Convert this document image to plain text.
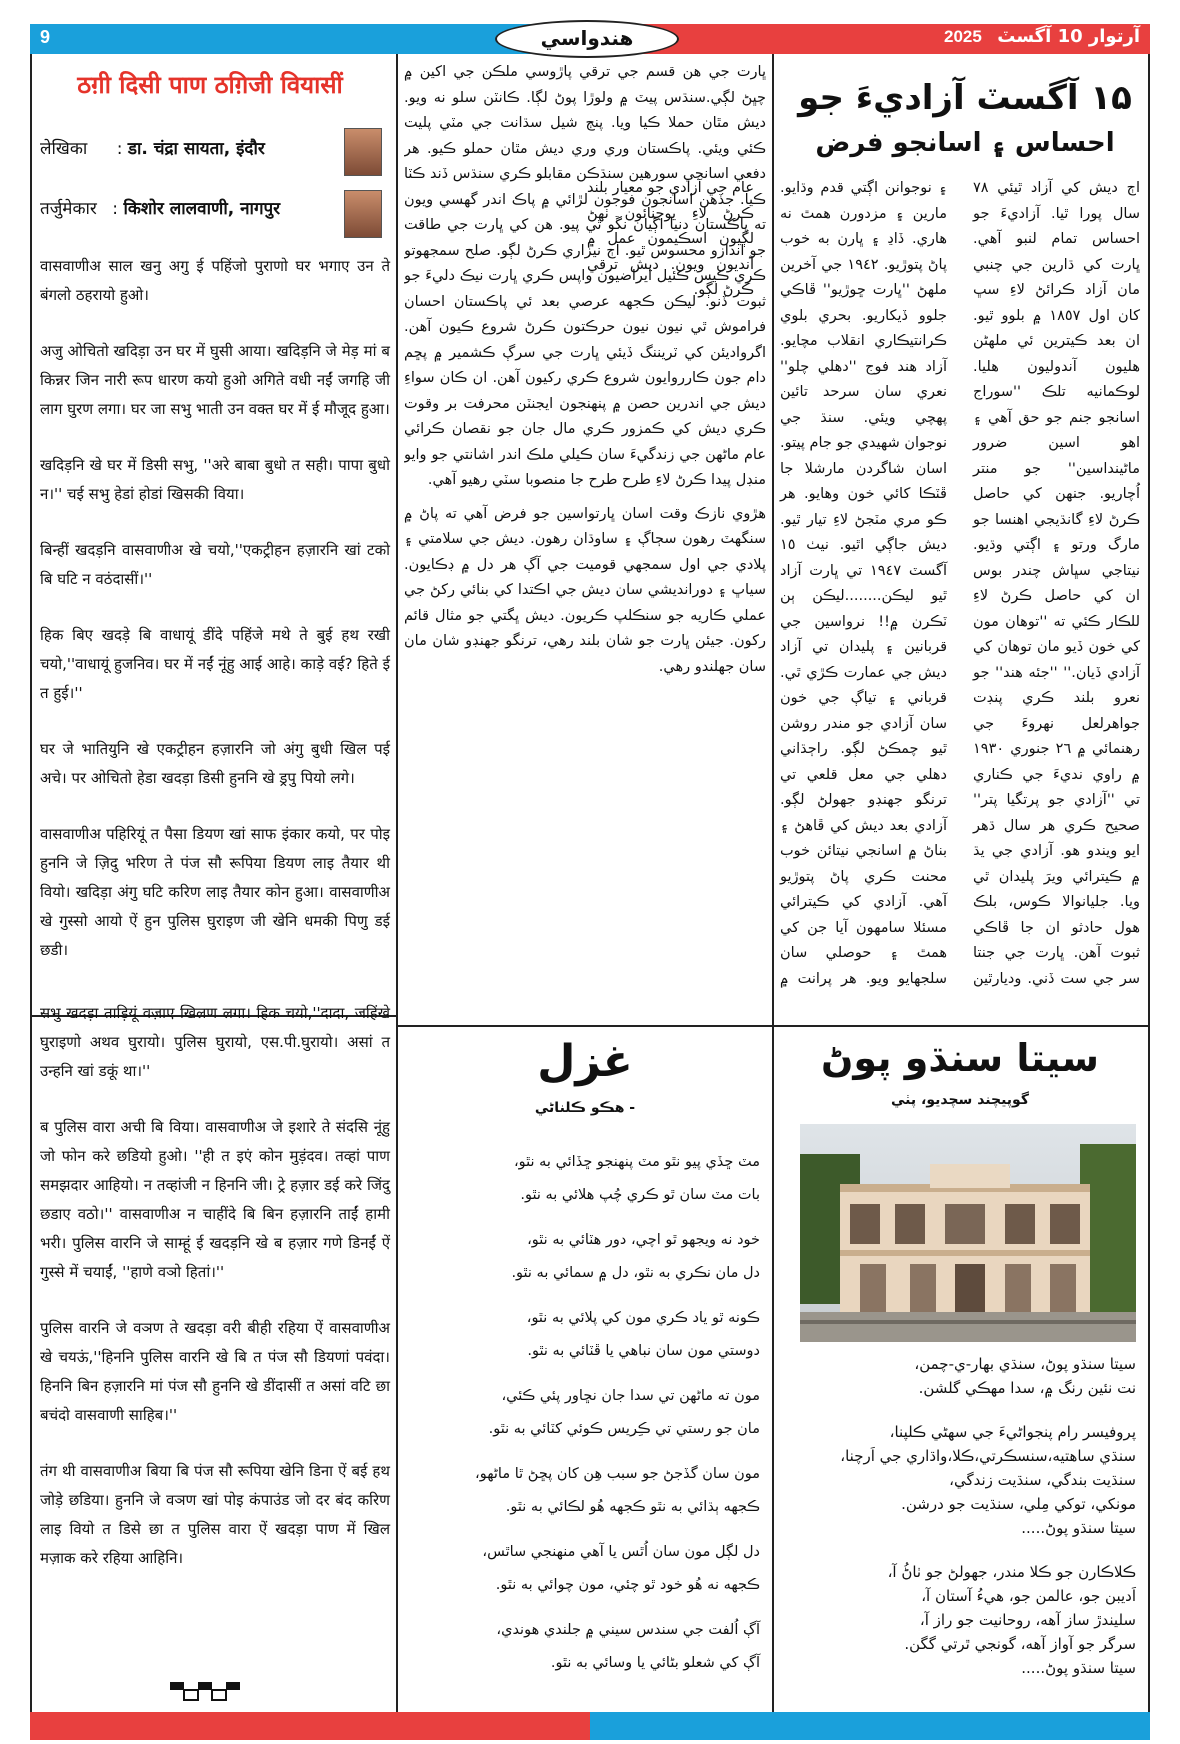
9	هندواسي	آرتوار 10 آگسٽ
2025
ठग़ी दिसी पाण ठग़िजी वियासीं
लेखिका : डा. चंद्रा सायता, इंदौर
तर्जुमेकार : किशोर लालवाणी, नागपुर

वासवाणीअ साल खनु अगु ई पहिंजो पुराणो घर भगाए उन ते बंगलो ठहरायो हुओ।

अजु ओचितो खदिड़ा उन घर में घुसी आया। खदिड़नि जे मेड़ मां ब किन्नर जिन नारी रूप धारण कयो हुओ अगिते वधी नईं जगहि जी लाग घुरण लगा। घर जा सभु भाती उन वक्त घर में ई मौजूद हुआ।

खदिड़नि खे घर में डिसी सभु, ''अरे बाबा बुधो त सही। पापा बुधो न।'' चई सभु हेडां होडां खिसकी विया।

बिन्हीं खदड़नि वासवाणीअ खे चयो,''एकट्रीहन हज़ारनि खां टको बि घटि न वठंदासीं।''

हिक बिए खदड़े बि वाधायूं डींदे पहिंजे मथे ते बुई हथ रखी चयो,''वाधायूं हुजनिव। घर में नईं नूंहु आई आहे। काड़े वई? हिते ई त हुई।''

घर जे भातियुनि खे एकट्रीहन हज़ारनि जो अंगु बुधी खिल पई अचे। पर ओचितो हेडा खदड़ा डिसी हुननि खे ड्रपु पियो लगे।

वासवाणीअ पहिरियूं त पैसा डियण खां साफ इंकार कयो, पर पोइ हुननि जे ज़िदु भरिण ते पंज सौ रूपिया डियण लाइ तैयार थी वियो। खदिड़ा अंगु घटि करिण लाइ तैयार कोन हुआ। वासवाणीअ खे गुस्सो आयो ऐं हुन पुलिस घुराइण जी खेनि धमकी पिणु डई छडी।

सभु खदड़ा ताड़ियूं वज़ाए खिलण लगा। हिक चयो,''दादा, जहिंखे घुराइणो अथव घुरायो। पुलिस घुरायो, एस.पी.घुरायो। असां त उन्हनि खां डकूं था।''

ब पुलिस वारा अची बि विया। वासवाणीअ जे इशारे ते संदसि नूंहु जो फोन करे छडियो हुओ। ''ही त इएं कोन मुड़ंदव। तव्हां पाण समझदार आहियो। न तव्हांजी न हिननि जी। ट्रे हज़ार डई करे जिंदु छडाए वठो।'' वासवाणीअ न चाहींदे बि बिन हज़ारनि ताईं हामी भरी। पुलिस वारनि जे साम्हूं ई खदड़नि खे ब हज़ार गणे डिनईं ऐं गुस्से में चयाईं, ''हाणे वञो हितां।''

पुलिस वारनि जे वञण ते खदड़ा वरी बीही रहिया ऐं वासवाणीअ खे चयऊं,''हिननि पुलिस वारनि खे बि त पंज सौ डियणां पवंदा। हिननि बिन हज़ारनि मां पंज सौ हुननि खे डींदासीं त असां वटि छा बचंदो वासवाणी साहिब।''

तंग थी वासवाणीअ बिया बि पंज सौ रूपिया खेनि डिना ऐं बई हथ जोड़े छडिया। हुननि जे वञण खां पोइ कंपाउंड जो दर बंद करिण लाइ वियो त डिसे छा त पुलिस वारा ऐं खदड़ा पाण में खिल मज़ाक करे रहिया आहिनि।

۱۵ آگسٽ آزاديءَ جو
احساس ۽ اسانجو فرض

اڄ ديش کي آزاد ٿيئي ٧٨ سال پورا ٿيا. آزاديءَ جو احساس تمام لنبو آهي. ڀارت کي ڌارين جي چنبي مان آزاد ڪرائڻ لاءِ سڀ کان اول ١٨٥٧ ۾ بلوو ٿيو. ان بعد ڪيترين ئي ملهڻن هليون آندوليون هليا. لوڪمانيه تلڪ ''سوراج اسانجو جنم جو حق آهي ۽ اهو اسين ضرور ماڻينداسين'' جو منتر اُچاريو. جنهن کي حاصل ڪرڻ لاءِ گانڌيجي اهنسا جو مارگ ورتو ۽ اڳتي وڌيو. نيتاجي سڀاش چندر بوس ان کي حاصل ڪرڻ لاءِ للڪار ڪئي ته ''توهان مون کي خون ڏيو مان توهان کي آزادي ڏيان.'' ''جئه هند'' جو نعرو بلند ڪري پنڊت جواهرلعل نهروءَ جي رهنمائي ۾ ٢٦ جنوري ١٩٣٠ ۾ راوي نديءَ جي ڪناري تي ''آزادي جو پرتگيا پتر'' صحيح ڪري هر سال ڌهر ايو ويندو هو. آزادي جي يڌ ۾ ڪيترائي ويرَ پليدان ٿي ويا. جليانوالا ڪوس، بلڪ هول حادثو ان جا ڦاڪي ثبوت آهن. ڀارت جي جنتا سر جي ست ڏني. وديارٿين ۽ نوجوانن اڳتي قدم وڌايو. مارين ۽ مزدورن همٿ نه هاري. ڏاڍ ۽ ڀارن به خوب پاڻ پتوڙيو. ١٩٤٢ جي آخرين ملهڻ ''ڀارت ڇوڙيو'' ڦاڪي جلوو ڏيکاريو. بحري بلوي ڪرانتيڪاري انقلاب مچايو. آزاد هند فوج ''دهلي چلو'' نعري سان سرحد تائين پهچي ويئي. سنڌ جي نوجوان شهيدي جو جام پيتو. اسان شاگردن مارشلا جا ڦٽڪا کائي خون وهايو. هر ڪو مري مٽجڻ لاءِ تيار ٿيو. ديش جاڳي اٿيو. نيٺ ١٥ آگسٽ ١٩٤٧ تي ڀارت آزاد ٿيو ليڪن........ليڪن ٻن ٽڪرن ۾!! نرواسين جي قربانين ۽ پليدان تي آزاد ديش جي عمارت ڪڙي ٿي. قرباني ۽ تياڳ جي خون سان آزادي جو مندر روشن ٿيو چمڪڻ لڳو. راڄڌاني دهلي جي معل قلعي تي ترنگو جهنڊو جهولڻ لڳو. آزادي بعد ديش کي ڦاهڻ ۽ بناڻ ۾ اسانجي نيتائن خوب محنت ڪري پاڻ پتوڙيو آهي. آزادي کي ڪيترائي مسئلا سامهون آيا جن کي همٿ ۽ حوصلي سان سلجهايو ويو. هر پرانت ۾ عام جي آزادي جو معيار بلند ڪرڻ لاءِ يوجنائون ٺهڻ لڳيون اسڪيمون عمل ۾ آنديون ويون. ديش ترقي ڪرڻ لڳو.

ڀارت جي هن قسم جي ترقي پاڙوسي ملڪن جي اکين ۾ چڀڻ لڳي.سنڌس پيٽ ۾ ولوڙا پوڻ لڳا. ڪانٽن سلو نه ويو. ديش مٿان حملا ڪيا ويا. پنڄ شيل سڌانت جي مٽي پليت ڪئي ويئي. پاڪستان وري وري ديش مٿان حملو ڪيو. هر دفعي اسانجي سورهين سنڌڪن مقابلو ڪري سنڌس ڏند ڪٽا ڪيا. جڏهن اسانجون فوجون لڙائي ۾ پاڪ اندر گهسي ويون ته پاڪستان دنيا اڳيان نڱو ٿي پيو. هن کي ڀارت جي طاقت جو اندازو محسوس ٿيو. آڄ نيزاري ڪرڻ لڳو. صلح سمجهوتو ڪري ڪيس ڪئيل ايراضيون واپس ڪري ڀارت نيڪ دليءَ جو ثبوت ڏنو. ليڪن ڪجهه عرصي بعد ئي پاڪستان احسان فراموش ٿي نيون نيون حرڪتون ڪرڻ شروع ڪيون آهن. اگرواديئن کي ٽريننگ ڏيئي ڀارت جي سرڳ ڪشمير ۾ پڇم دام جون ڪارروايون شروع ڪري رکيون آهن. ان ڪان سواءِ ديش جي اندرين حصن ۾ پنهنجون ايجنٽن محرفت بر وقوت ڪري ديش کي ڪمزور ڪري مال جان جو نقصان ڪرائي عام ماڻهن جي زندگيءَ سان ڪيلي ملڪ اندر اشانتي جو وايو منڊل پيدا ڪرڻ لاءِ طرح طرح جا منصوبا سٽي رهيو آهي.

هڙوي نازڪ وقت اسان ڀارتواسين جو فرض آهي ته پاڻ ۾ سنگهٽ رهون سڄاڳ ۽ ساوڌان رهون. ديش جي سلامتي ۽ پلادي جي اول سمجهي قوميت جي آڳ هر دل ۾ ڊڪايون. سياڀ ۽ دوراندیشي سان ديش جي اڪتدا کي بنائي رکڻ جي عملي ڪاريه جو سنڪلپ ڪريون. ديش ڀگتي جو مثال قائم رکون. جيئن ڀارت جو شان بلند رهي، ترنگو جهنڊو شان مان سان جهلندو رهي.

غزل
- هڪو ڪلناڻي

مٽ ڇڏي پيو نٿو مٽ پنهنجو ڇڏائي به نٿو،

بات مٽ سان ٿو ڪري چُپ هلائي به نٿو.

خود نه ويجهو ٿو اچي، دور هٽائي به نٿو،

دل مان نڪري به نٿو، دل ۾ سمائي به نٿو.

ڪونه ٿو ياد ڪري مون کي پلائي به نٿو،

دوستي مون سان نباهي يا ڦٽائي به نٿو.

مون ته ماڻهن تي سدا جان نڇاور پئي ڪئي،

مان جو رستي تي ڪِريس ڪوئي کٽائي به نٿو.

مون سان گڏجڻ جو سبب هِن کان پڇڻ ٿا ماڻهو،

ڪجهه ٻڌائي به نٿو ڪجهه هُو لڪائي به نٿو.

دل لڳل مون سان اُٿس يا آهي منهنجي ساٿس،

ڪجهه نه هُو خود ٿو چئي، مون چوائي به نٿو.

آڳ اُلفت جي سندس سيني ۾ جلندي هوندي،

آڳ کي شعلو بڻائي يا وسائي به نٿو.

سيتا سنڌو پوڻ
گوپيچند سچديو، پٺي

سيتا سنڌو پوڻ، سنڌي بهار-ي-چمن،

نت نئين رنگ ۾، سدا مهڪي گلشن.

پروفيسر رام پنجواڻيءَ جي سهڻي ڪلپنا،

سنڌي ساهتيه،سنسڪرتي،ڪلا،واڌاري جي اَرچنا،

سنڌيت بندگي، سنڌيت زندگي،

مونکي، توکي مِلي، سنڌيت جو درشن.

سيتا سنڌو پوڻ.....

ڪلاڪارن جو ڪلا مندر، جهولڻ جو ٺاڻُ آ،

اَديبن جو، عالمن جو، هيءُ آستان آ،

سليندڙ ساز آهه، روحانيت جو راز آ،

سرگر جو آواز آهه، گونجي ٿرتي گگن.

سيتا سنڌو پوڻ.....
